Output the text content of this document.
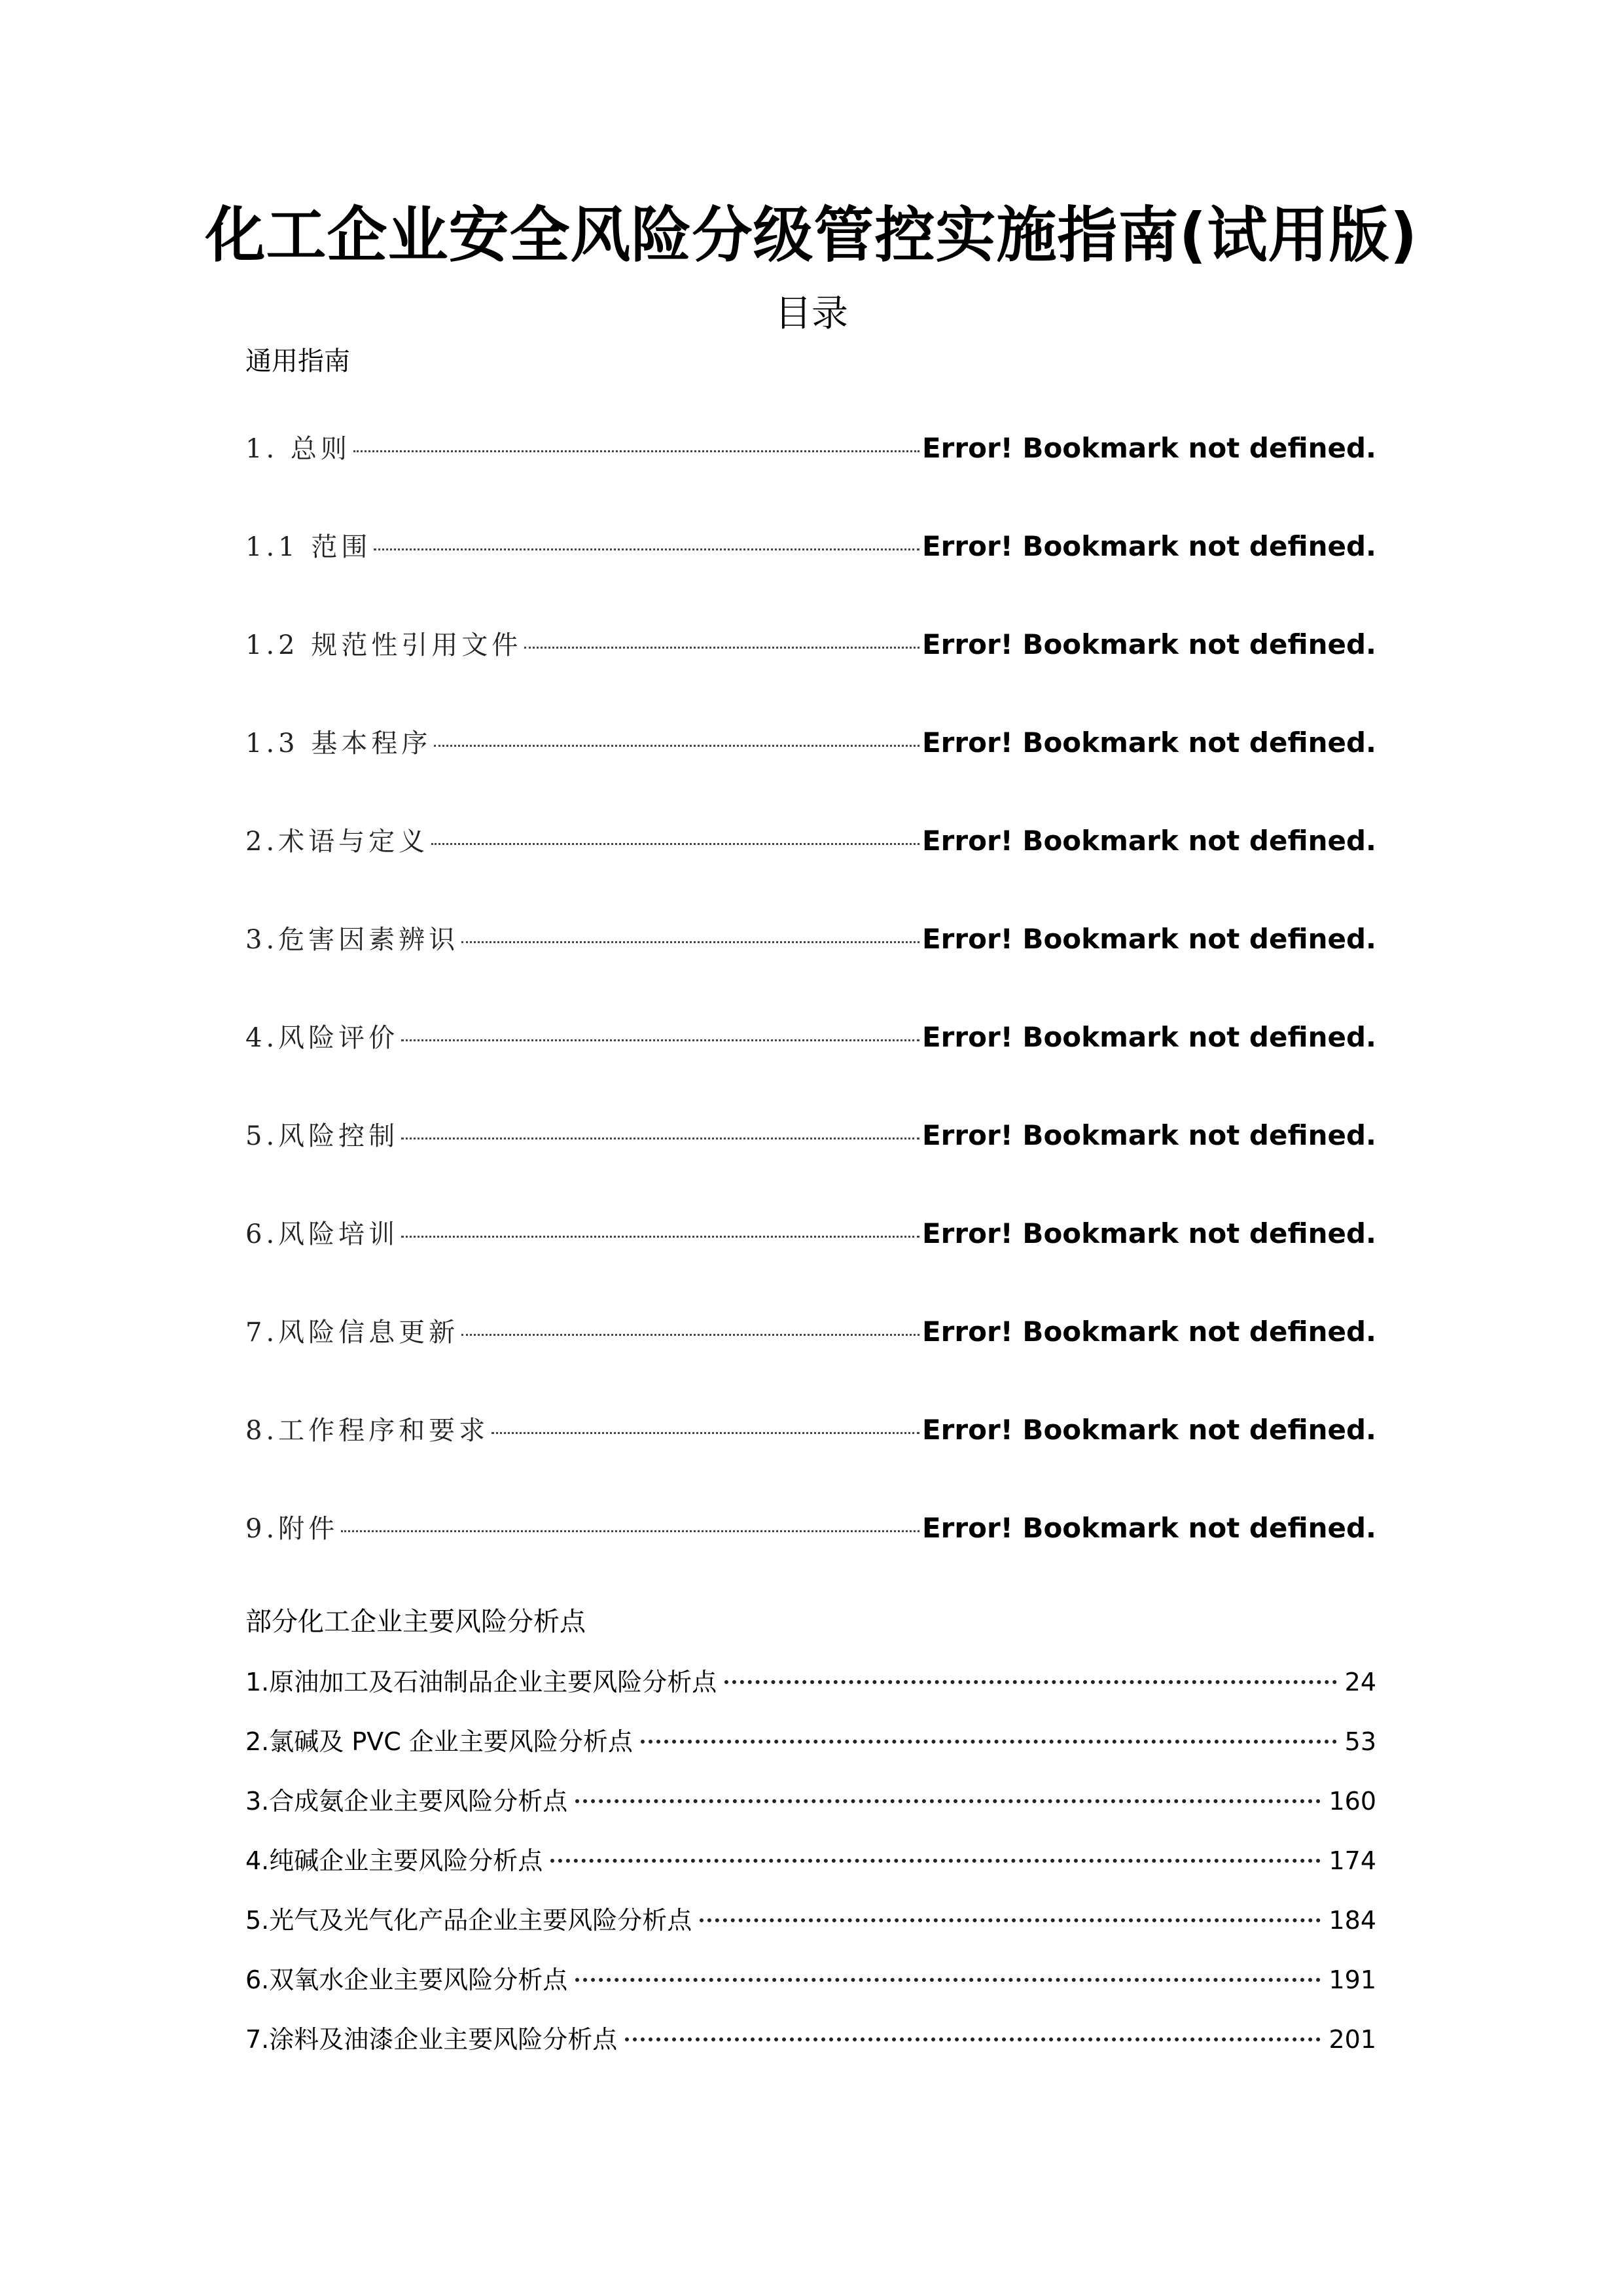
化工企业安全风险分级管控实施指南(试用版)
目录
通用指南
1. 总则	Error! Bookmark not defined.
1.1 范围	Error! Bookmark not defined.
1.2 规范性引用文件	Error! Bookmark not defined.
1.3 基本程序	Error! Bookmark not defined.
2.术语与定义	Error! Bookmark not defined.
3.危害因素辨识	Error! Bookmark not defined.
4.风险评价	Error! Bookmark not defined.
5.风险控制	Error! Bookmark not defined.
6.风险培训	Error! Bookmark not defined.
7.风险信息更新	Error! Bookmark not defined.
8.工作程序和要求	Error! Bookmark not defined.
9.附件	Error! Bookmark not defined.
部分化工企业主要风险分析点
1.原油加工及石油制品企业主要风险分析点	24
2.氯碱及 PVC 企业主要风险分析点	53
3.合成氨企业主要风险分析点	160
4.纯碱企业主要风险分析点	174
5.光气及光气化产品企业主要风险分析点	184
6.双氧水企业主要风险分析点	191
7.涂料及油漆企业主要风险分析点	201
